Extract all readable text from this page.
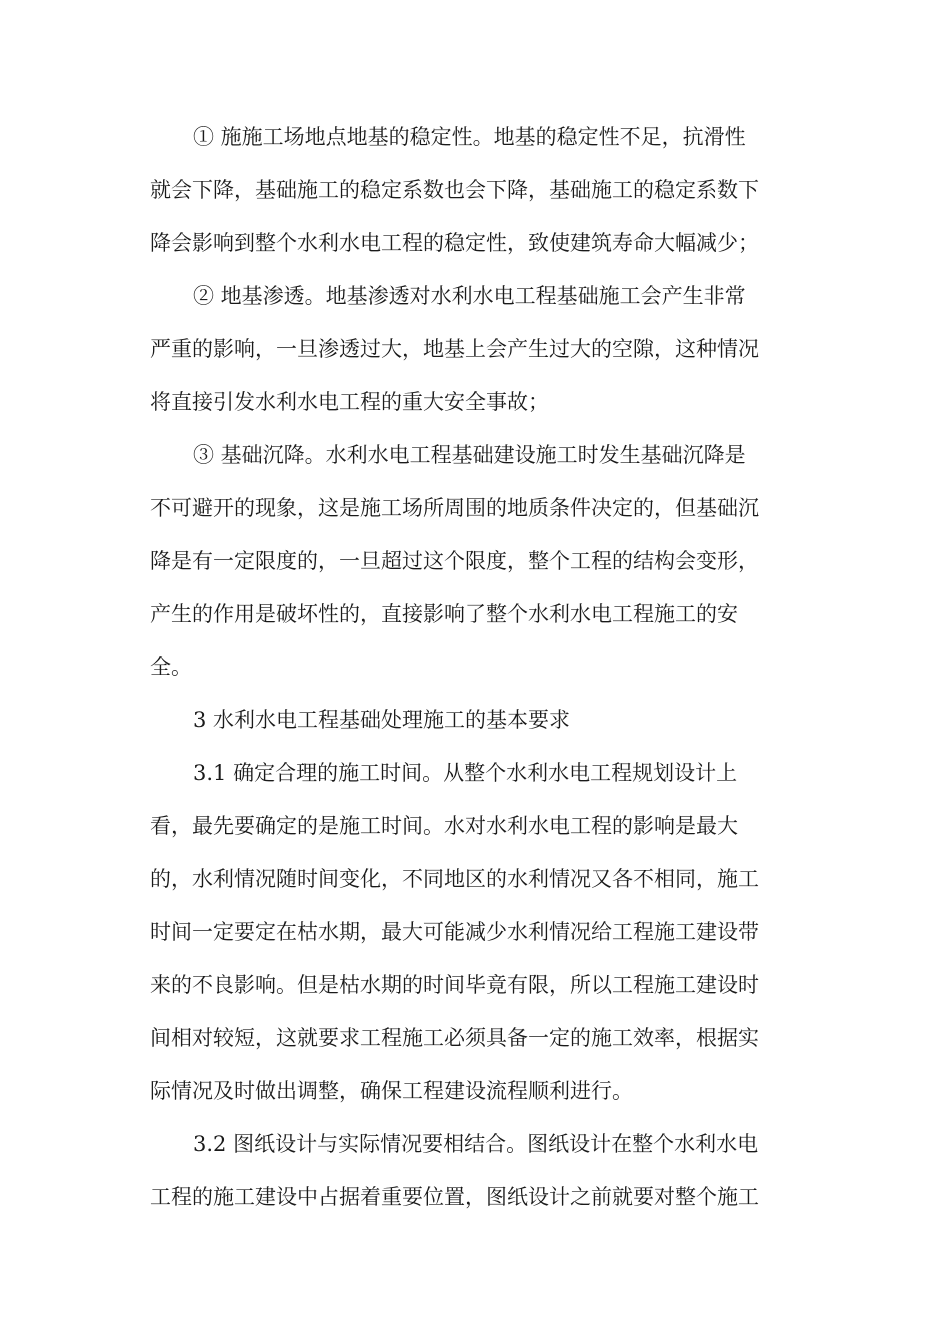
① 施施工场地点地基的稳定性。地基的稳定性不足，抗滑性
就会下降，基础施工的稳定系数也会下降，基础施工的稳定系数下
降会影响到整个水利水电工程的稳定性，致使建筑寿命大幅减少；
② 地基渗透。地基渗透对水利水电工程基础施工会产生非常
严重的影响，一旦渗透过大，地基上会产生过大的空隙，这种情况
将直接引发水利水电工程的重大安全事故；
③ 基础沉降。水利水电工程基础建设施工时发生基础沉降是
不可避开的现象，这是施工场所周围的地质条件决定的，但基础沉
降是有一定限度的，一旦超过这个限度，整个工程的结构会变形，
产生的作用是破坏性的，直接影响了整个水利水电工程施工的安
全。
3 水利水电工程基础处理施工的基本要求
3.1 确定合理的施工时间。从整个水利水电工程规划设计上
看，最先要确定的是施工时间。水对水利水电工程的影响是最大
的，水利情况随时间变化，不同地区的水利情况又各不相同，施工
时间一定要定在枯水期，最大可能减少水利情况给工程施工建设带
来的不良影响。但是枯水期的时间毕竟有限，所以工程施工建设时
间相对较短，这就要求工程施工必须具备一定的施工效率，根据实
际情况及时做出调整，确保工程建设流程顺利进行。
3.2 图纸设计与实际情况要相结合。图纸设计在整个水利水电
工程的施工建设中占据着重要位置，图纸设计之前就要对整个施工
